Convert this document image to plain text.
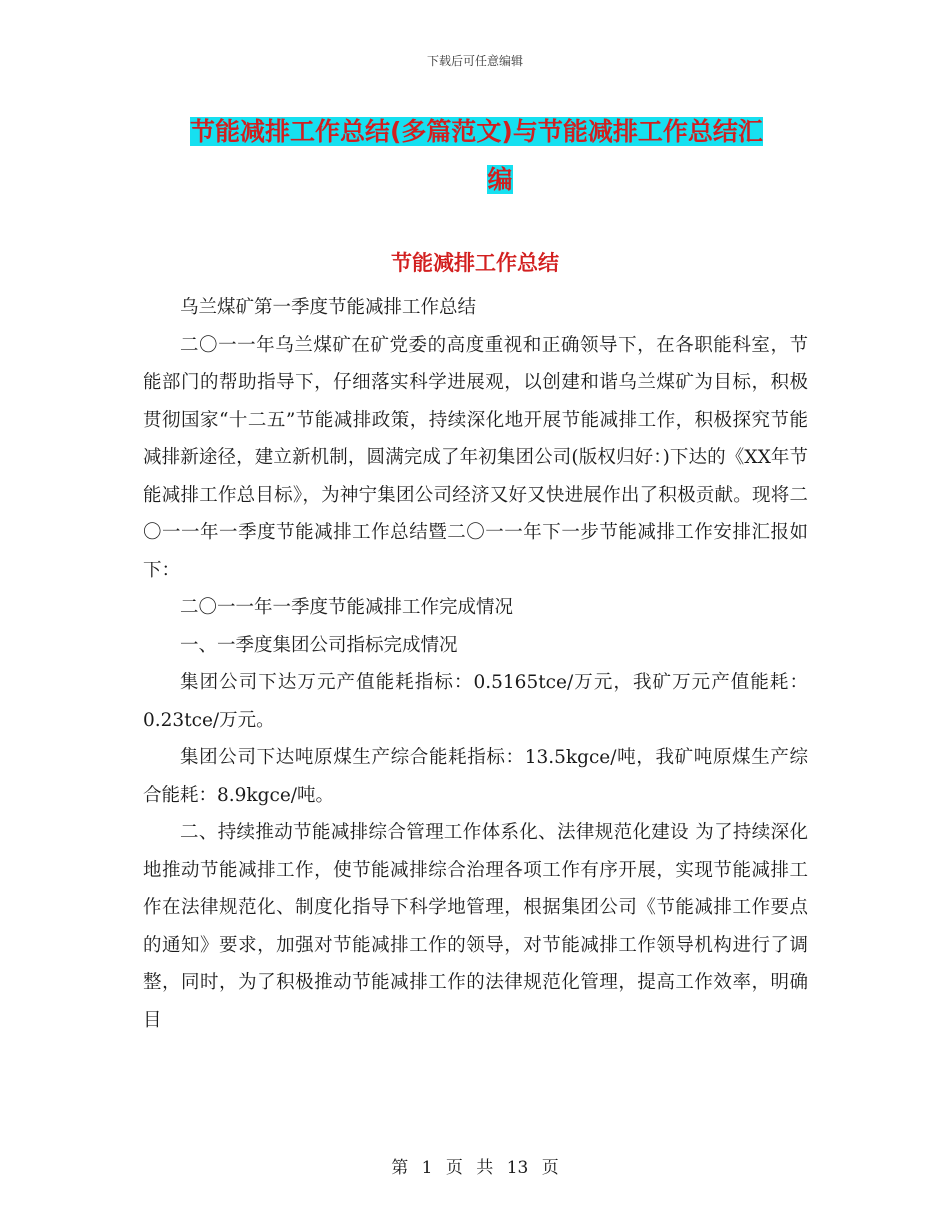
下载后可任意编辑
节能减排工作总结(多篇范文)与节能减排工作总结汇
编
节能减排工作总结

乌兰煤矿第一季度节能减排工作总结

二〇一一年乌兰煤矿在矿党委的高度重视和正确领导下，在各职能科室，节能部门的帮助指导下，仔细落实科学进展观，以创建和谐乌兰煤矿为目标，积极贯彻国家“十二五”节能减排政策，持续深化地开展节能减排工作，积极探究节能减排新途径，建立新机制，圆满完成了年初集团公司(版权归好：)下达的《XX年节能减排工作总目标》，为神宁集团公司经济又好又快进展作出了积极贡献。现将二〇一一年一季度节能减排工作总结暨二〇一一年下一步节能减排工作安排汇报如下：

二〇一一年一季度节能减排工作完成情况

一、一季度集团公司指标完成情况

集团公司下达万元产值能耗指标：0.5165tce/万元，我矿万元产值能耗：0.23tce/万元。

集团公司下达吨原煤生产综合能耗指标：13.5kgce/吨，我矿吨原煤生产综合能耗：8.9kgce/吨。

二、持续推动节能减排综合管理工作体系化、法律规范化建设 为了持续深化地推动节能减排工作，使节能减排综合治理各项工作有序开展，实现节能减排工作在法律规范化、制度化指导下科学地管理，根据集团公司《节能减排工作要点的通知》要求，加强对节能减排工作的领导，对节能减排工作领导机构进行了调整，同时，为了积极推动节能减排工作的法律规范化管理，提高工作效率，明确目

第 1 页 共 13 页
